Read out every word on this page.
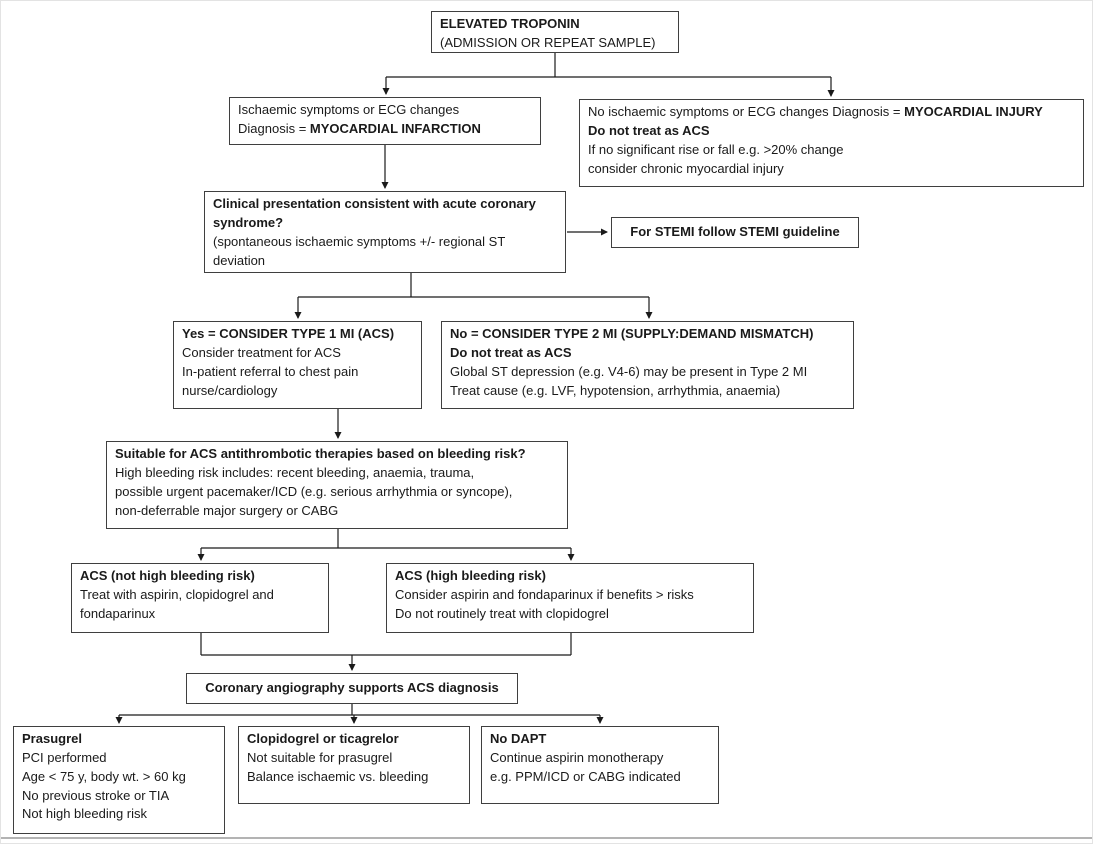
ELEVATED TROPONIN
(ADMISSION OR REPEAT SAMPLE)
Ischaemic symptoms or ECG changes
Diagnosis = MYOCARDIAL INFARCTION
No ischaemic symptoms or ECG changes Diagnosis = MYOCARDIAL INJURY
Do not treat as ACS
If no significant rise or fall e.g. >20% change
consider chronic myocardial injury
Clinical presentation consistent with acute coronary syndrome?
(spontaneous ischaemic symptoms +/- regional ST deviation
For STEMI follow STEMI guideline
Yes = CONSIDER TYPE 1 MI (ACS)
Consider treatment for ACS
In-patient referral to chest pain nurse/cardiology
No = CONSIDER TYPE 2 MI (SUPPLY:DEMAND MISMATCH)
Do not treat as ACS
Global ST depression (e.g. V4-6) may be present in Type 2 MI
Treat cause (e.g. LVF, hypotension, arrhythmia, anaemia)
Suitable for ACS antithrombotic therapies based on bleeding risk?
High bleeding risk includes: recent bleeding, anaemia, trauma,
possible urgent pacemaker/ICD (e.g. serious arrhythmia or syncope),
non-deferrable major surgery or CABG
ACS (not high bleeding risk)
Treat with aspirin, clopidogrel and fondaparinux
ACS (high bleeding risk)
Consider aspirin and fondaparinux if benefits > risks
Do not routinely treat with clopidogrel
Coronary angiography supports ACS diagnosis
Prasugrel
PCI performed
Age < 75 y, body wt. > 60 kg
No previous stroke or TIA
Not high bleeding risk
Clopidogrel or ticagrelor
Not suitable for prasugrel
Balance ischaemic vs. bleeding
No DAPT
Continue aspirin monotherapy
e.g. PPM/ICD or CABG indicated
